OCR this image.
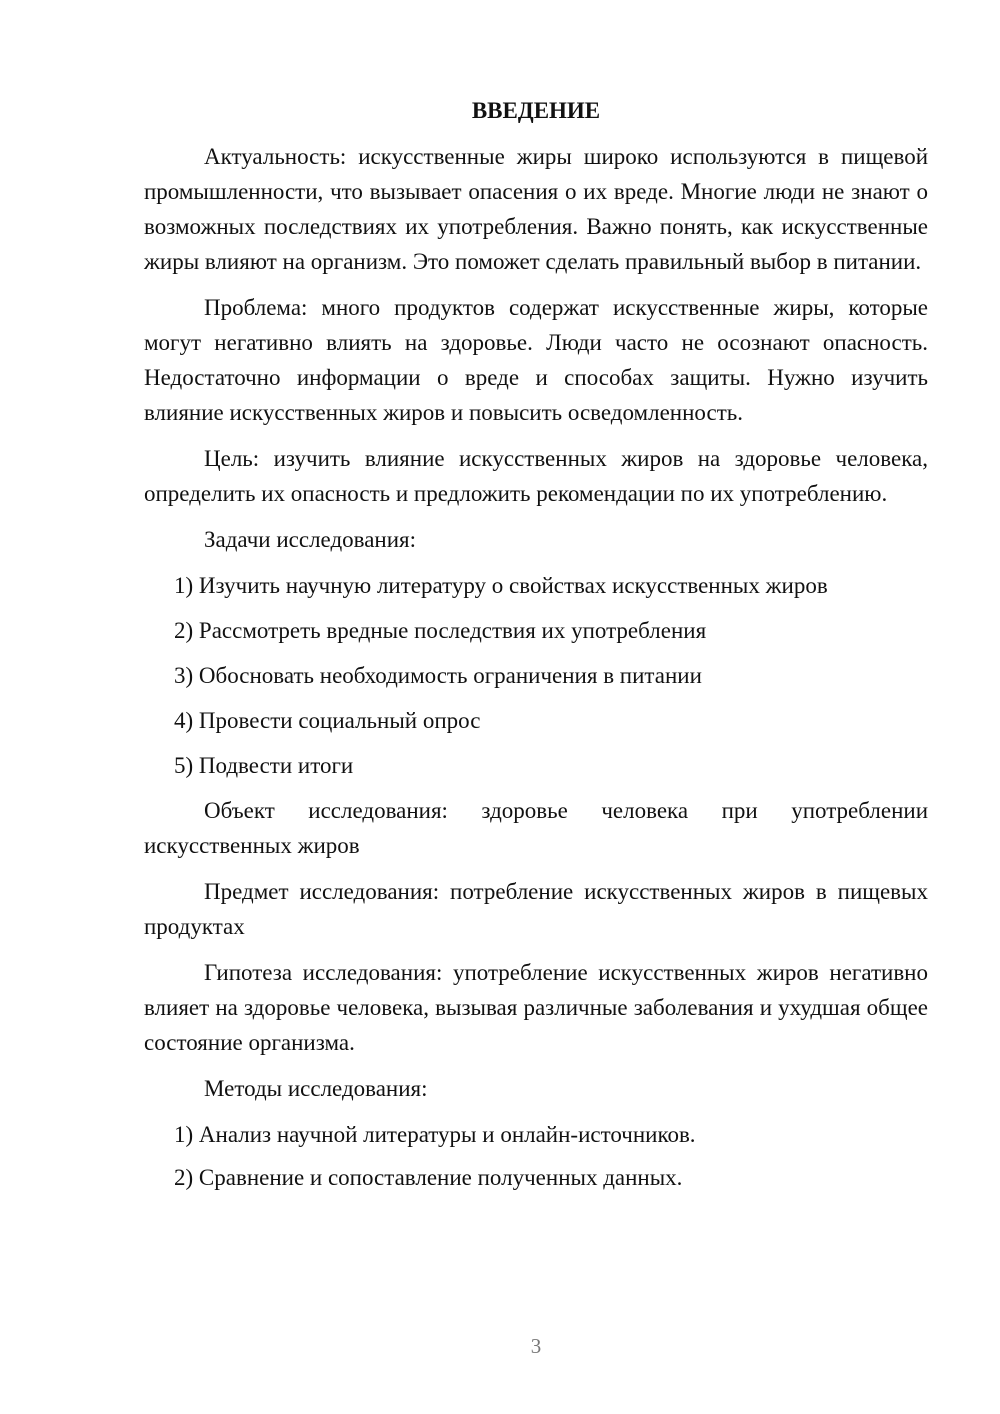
ВВЕДЕНИЕ

Актуальность: искусственные жиры широко используются в пищевой промышленности, что вызывает опасения о их вреде. Многие люди не знают о возможных последствиях их употребления. Важно понять, как искусственные жиры влияют на организм. Это поможет сделать правильный выбор в питании.

Проблема: много продуктов содержат искусственные жиры, которые могут негативно влиять на здоровье. Люди часто не осознают опасность. Недостаточно информации о вреде и способах защиты. Нужно изучить влияние искусственных жиров и повысить осведомленность.

Цель: изучить влияние искусственных жиров на здоровье человека, определить их опасность и предложить рекомендации по их употреблению.

Задачи исследования:

1) Изучить научную литературу о свойствах искусственных жиров
2) Рассмотреть вредные последствия их употребления
3) Обосновать необходимость ограничения в питании
4) Провести социальный опрос
5) Подвести итоги

Объект исследования: здоровье человека при употреблении искусственных жиров

Предмет исследования: потребление искусственных жиров в пищевых продуктах

Гипотеза исследования: употребление искусственных жиров негативно влияет на здоровье человека, вызывая различные заболевания и ухудшая общее состояние организма.

Методы исследования:

1) Анализ научной литературы и онлайн-источников.
2) Сравнение и сопоставление полученных данных.
3
